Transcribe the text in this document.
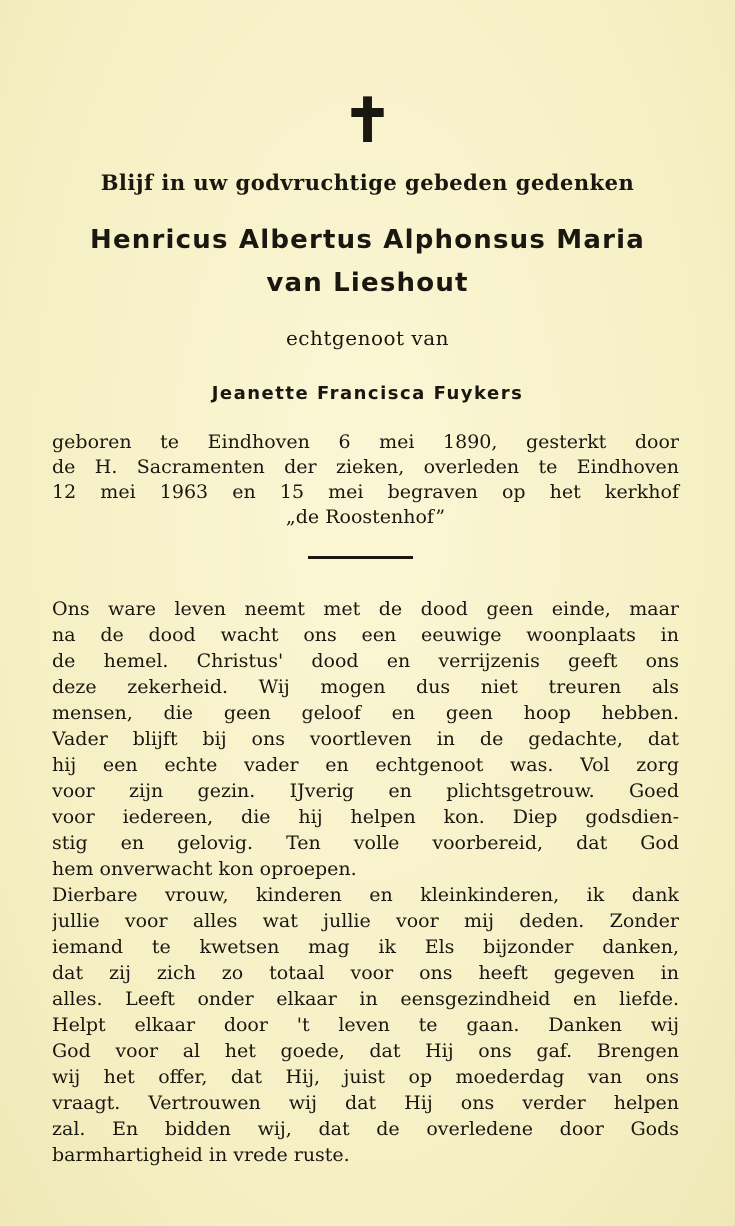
✝
Blijf in uw godvruchtige gebeden gedenken
Henricus Albertus Alphonsus Maria
van Lieshout
echtgenoot van
Jeanette Francisca Fuykers
geboren te Eindhoven 6 mei 1890, gesterkt door
de H. Sacramenten der zieken, overleden te Eindhoven
12 mei 1963 en 15 mei begraven op het kerkhof
„de Roostenhof”
Ons ware leven neemt met de dood geen einde, maar
na de dood wacht ons een eeuwige woonplaats in
de hemel. Christus' dood en verrijzenis geeft ons
deze zekerheid. Wij mogen dus niet treuren als
mensen, die geen geloof en geen hoop hebben.
Vader blijft bij ons voortleven in de gedachte, dat
hij een echte vader en echtgenoot was. Vol zorg
voor zijn gezin. IJverig en plichtsgetrouw. Goed
voor iedereen, die hij helpen kon. Diep godsdien-
stig en gelovig. Ten volle voorbereid, dat God
hem onverwacht kon oproepen.
Dierbare vrouw, kinderen en kleinkinderen, ik dank
jullie voor alles wat jullie voor mij deden. Zonder
iemand te kwetsen mag ik Els bijzonder danken,
dat zij zich zo totaal voor ons heeft gegeven in
alles. Leeft onder elkaar in eensgezindheid en liefde.
Helpt elkaar door 't leven te gaan. Danken wij
God voor al het goede, dat Hij ons gaf. Brengen
wij het offer, dat Hij, juist op moederdag van ons
vraagt. Vertrouwen wij dat Hij ons verder helpen
zal. En bidden wij, dat de overledene door Gods
barmhartigheid in vrede ruste.
